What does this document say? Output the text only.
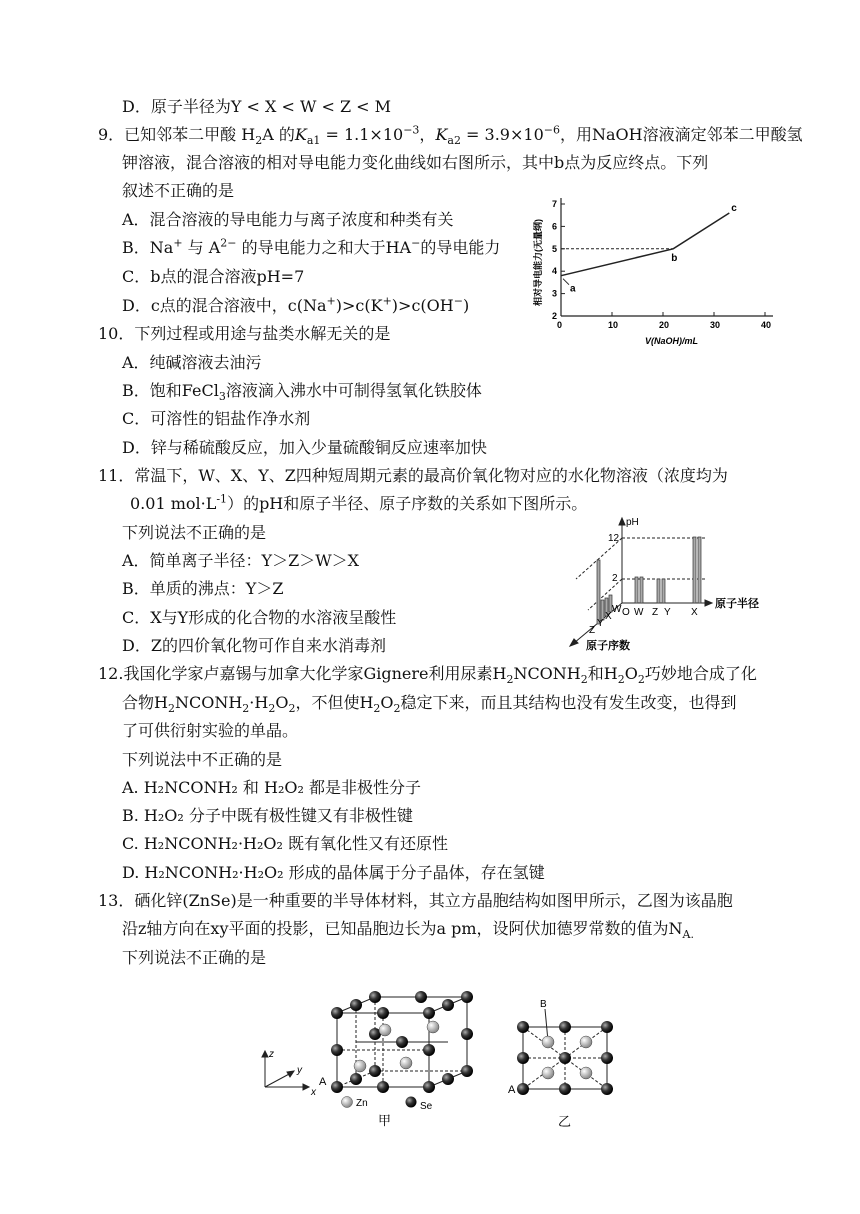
D．原子半径为Y < X < W < Z < M
9．已知邻苯二甲酸 $H_2A$ 的$K_{a1} = 1.1\times 10^{-3}$，$K_{a2} = 3.9\times 10^{-6}$，用NaOH溶液滴定邻苯二甲酸氢
钾溶液，混合溶液的相对导电能力变化曲线如右图所示，其中b点为反应终点。下列
叙述不正确的是
A．混合溶液的导电能力与离子浓度和种类有关
B．Na+ 与 $A^{2-}$ 的导电能力之和大于HA−的导电能力
C．b点的混合溶液pH=7
D．c点的混合溶液中，c(Na+)>c(K+)>c(OH−)
2
3
4
5
6
7
0	10	20	30	40
a
b
c
相对导电能力(无量纲)
V(NaOH)/mL
10．下列过程或用途与盐类水解无关的是
A．纯碱溶液去油污
B．饱和FeCl$_3$溶液滴入沸水中可制得氢氧化铁胶体
C．可溶性的铝盐作净水剂
D．锌与稀硫酸反应，加入少量硫酸铜反应速率加快
11．常温下，W、X、Y、Z四种短周期元素的最高价氧化物对应的水化物溶液（浓度均为
0.01 $mol\cdot L^{-1}$）的pH和原子半径、原子序数的关系如下图所示。
下列说法不正确的是
A．简单离子半径：Y＞Z＞W＞X
B．单质的沸点：Y＞Z
C．X与Y形成的化合物的水溶液呈酸性
D．Z的四价氧化物可作自来水消毒剂
pH
12
2
O W Z Y X
原子半径
W
X
Y
Z
原子序数
12.我国化学家卢嘉锡与加拿大化学家Gignere利用尿素$H_2NCONH_2$和$H_2O_2$巧妙地合成了化
合物$H_2NCONH_2\cdot H_2O_2$，不但使$H_2O_2$稳定下来，而且其结构也没有发生改变，也得到
了可供衍射实验的单晶。
下列说法中不正确的是
A. H₂NCONH₂ 和 H₂O₂ 都是非极性分子
B. H₂O₂ 分子中既有极性键又有非极性键
C. H₂NCONH₂·H₂O₂ 既有氧化性又有还原性
D. H₂NCONH₂·H₂O₂ 形成的晶体属于分子晶体，存在氢键
13．硒化锌(ZnSe)是一种重要的半导体材料，其立方晶胞结构如图甲所示，乙图为该晶胞
沿z轴方向在xy平面的投影，已知晶胞边长为a pm，设阿伏加德罗常数的值为$N_{A.}$
下列说法不正确的是
z
y
x
A
Zn	Se
甲
B
A
乙
